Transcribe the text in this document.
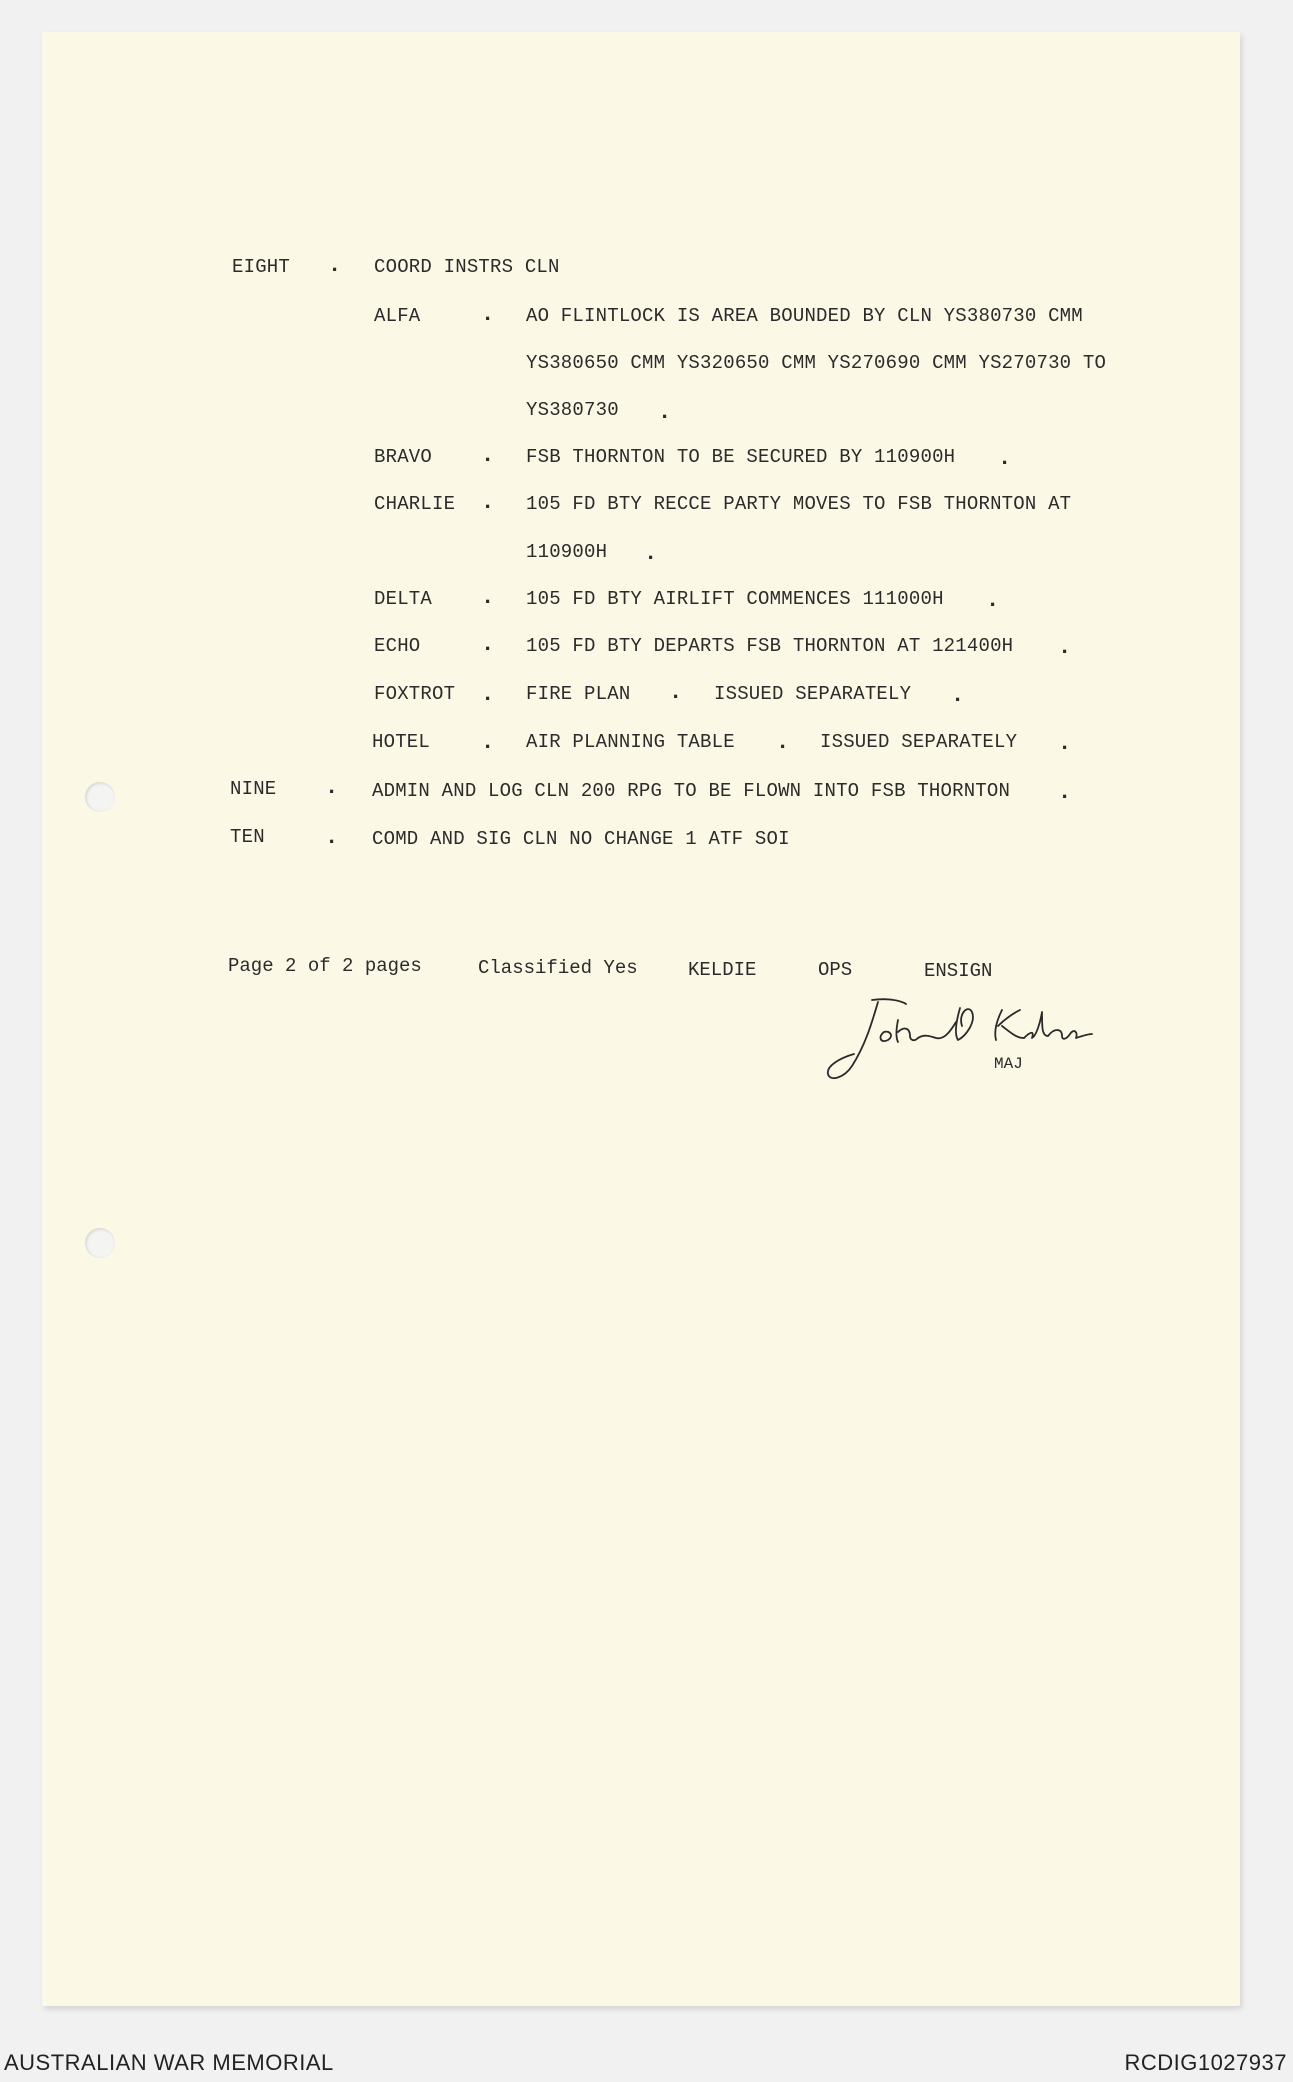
EIGHT . COORD INSTRS CLN
ALFA	. AO FLINTLOCK IS AREA BOUNDED BY CLN YS380730 CMM
YS380650 CMM YS320650 CMM YS270690 CMM YS270730 TO
YS380730 .
BRAVO . FSB THORNTON TO BE SECURED BY 110900H .
CHARLIE . 105 FD BTY RECCE PARTY MOVES TO FSB THORNTON AT
110900H .
DELTA . 105 FD BTY AIRLIFT COMMENCES 111000H .
ECHO	. 105 FD BTY DEPARTS FSB THORNTON AT 121400H .
FOXTROT . FIRE PLAN . ISSUED SEPARATELY .
HOTEL . AIR PLANNING TABLE . ISSUED SEPARATELY .
NINE . ADMIN AND LOG CLN 200 RPG TO BE FLOWN INTO FSB THORNTON .
TEN	. COMD AND SIG CLN NO CHANGE 1 ATF SOI
Page 2 of 2 pages	Classified Yes	KELDIE	OPS	ENSIGN
MAJ
AUSTRALIAN WAR MEMORIAL	RCDIG1027937
